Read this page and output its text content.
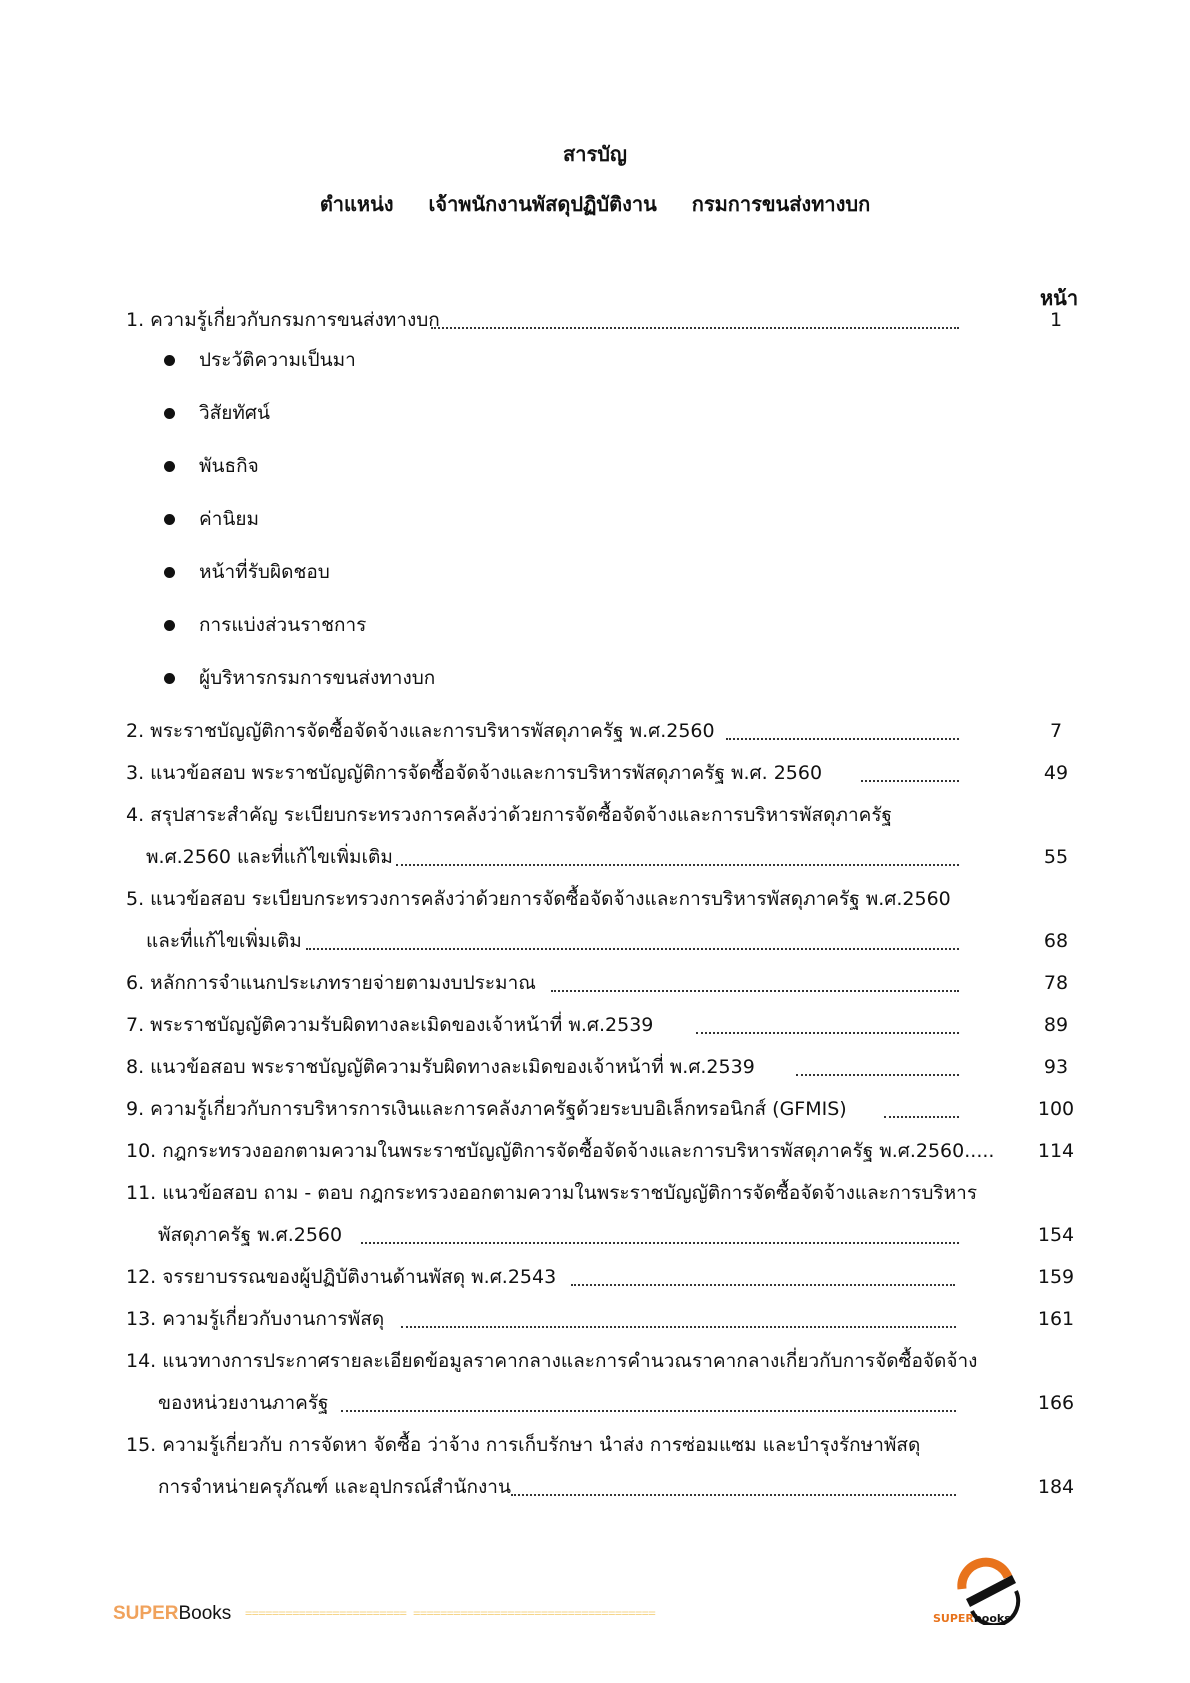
สารบัญ
ตำแหน่ง เจ้าพนักงานพัสดุปฏิบัติงาน กรมการขนส่งทางบก
หน้า
1. ความรู้เกี่ยวกับกรมการขนส่งทางบก	1
ประวัติความเป็นมา
วิสัยทัศน์
พันธกิจ
ค่านิยม
หน้าที่รับผิดชอบ
การแบ่งส่วนราชการ
ผู้บริหารกรมการขนส่งทางบก
2. พระราชบัญญัติการจัดซื้อจัดจ้างและการบริหารพัสดุภาครัฐ พ.ศ.2560	7
3. แนวข้อสอบ พระราชบัญญัติการจัดซื้อจัดจ้างและการบริหารพัสดุภาครัฐ พ.ศ. 2560	49
4. สรุปสาระสำคัญ ระเบียบกระทรวงการคลังว่าด้วยการจัดซื้อจัดจ้างและการบริหารพัสดุภาครัฐ
พ.ศ.2560 และที่แก้ไขเพิ่มเติม	55
5. แนวข้อสอบ ระเบียบกระทรวงการคลังว่าด้วยการจัดซื้อจัดจ้างและการบริหารพัสดุภาครัฐ พ.ศ.2560
และที่แก้ไขเพิ่มเติม	68
6. หลักการจำแนกประเภทรายจ่ายตามงบประมาณ	78
7. พระราชบัญญัติความรับผิดทางละเมิดของเจ้าหน้าที่ พ.ศ.2539	89
8. แนวข้อสอบ พระราชบัญญัติความรับผิดทางละเมิดของเจ้าหน้าที่ พ.ศ.2539	93
9. ความรู้เกี่ยวกับการบริหารการเงินและการคลังภาครัฐด้วยระบบอิเล็กทรอนิกส์ (GFMIS)	100
10. กฎกระทรวงออกตามความในพระราชบัญญัติการจัดซื้อจัดจ้างและการบริหารพัสดุภาครัฐ พ.ศ.2560.....	114
11. แนวข้อสอบ ถาม - ตอบ กฎกระทรวงออกตามความในพระราชบัญญัติการจัดซื้อจัดจ้างและการบริหาร
พัสดุภาครัฐ พ.ศ.2560	154
12. จรรยาบรรณของผู้ปฏิบัติงานด้านพัสดุ พ.ศ.2543	159
13. ความรู้เกี่ยวกับงานการพัสดุ	161
14. แนวทางการประกาศรายละเอียดข้อมูลราคากลางและการคำนวณราคากลางเกี่ยวกับการจัดซื้อจัดจ้าง
ของหน่วยงานภาครัฐ	166
15. ความรู้เกี่ยวกับ การจัดหา จัดซื้อ ว่าจ้าง การเก็บรักษา นำส่ง การซ่อมแซม และบำรุงรักษาพัสดุ
การจำหน่ายครุภัณฑ์ และอุปกรณ์สำนักงาน	184
SUPERBooks ======================== ====================================	SUPERbooks
